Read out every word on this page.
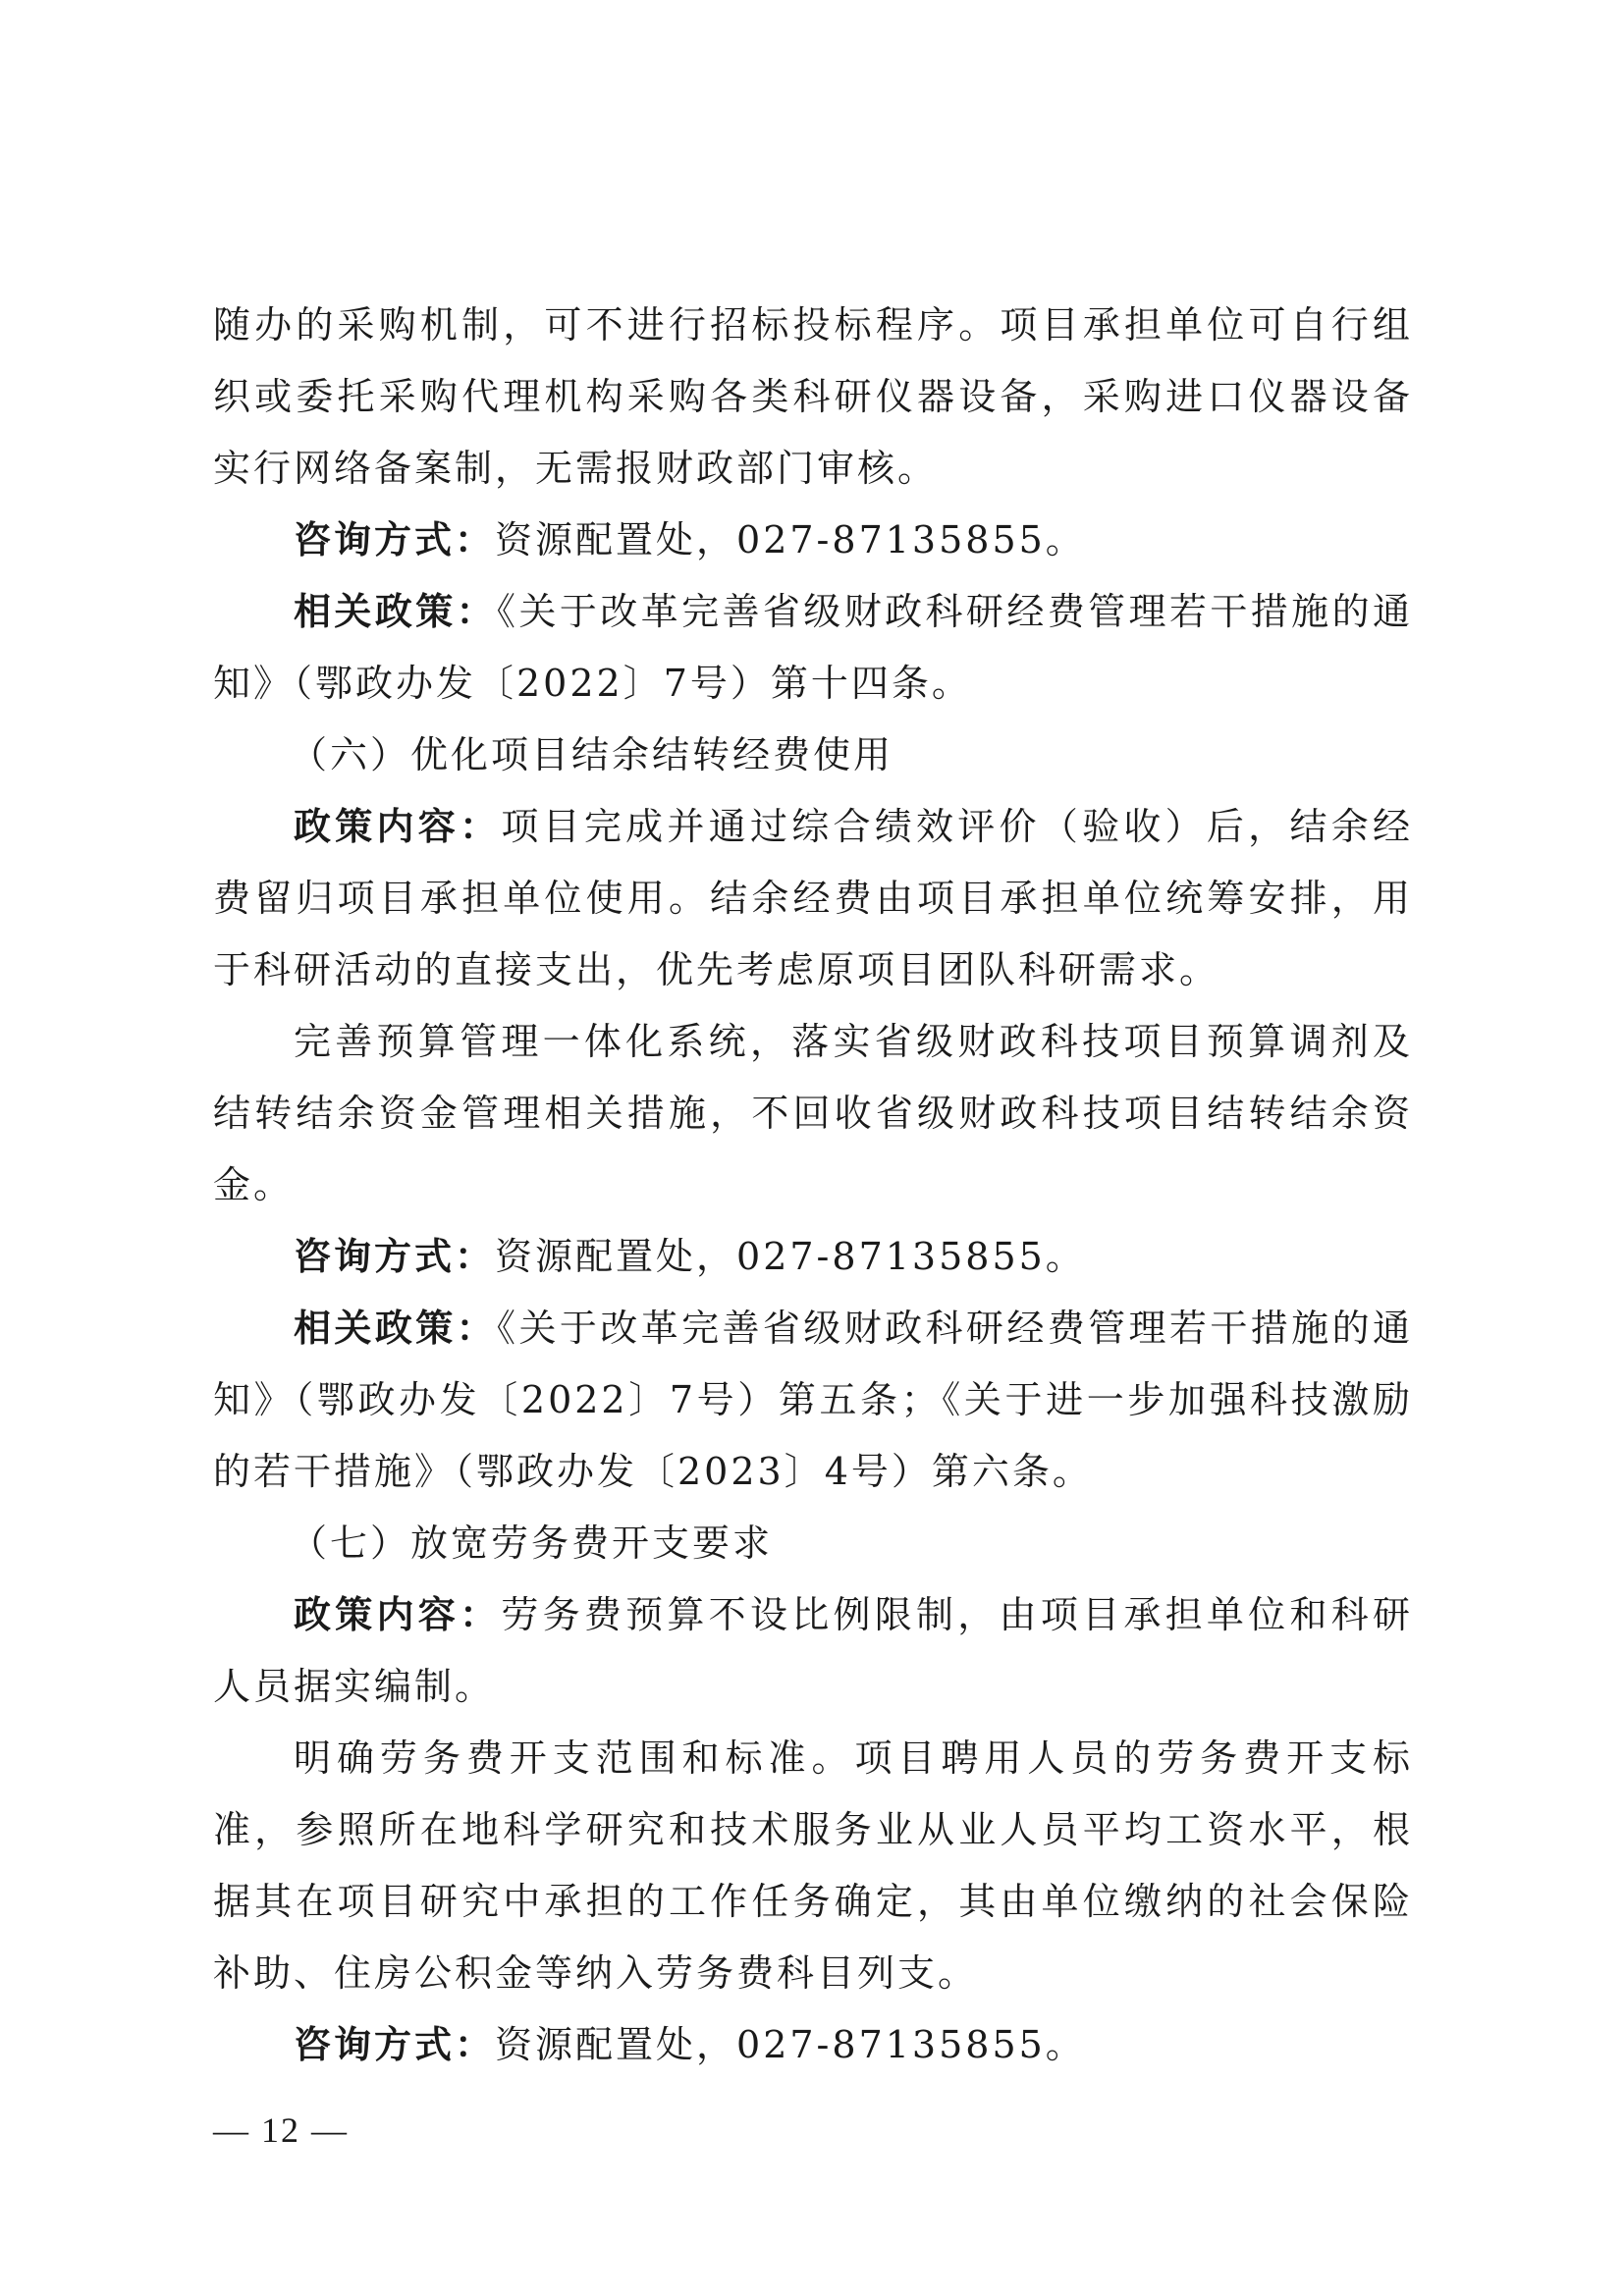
随办的采购机制，可不进行招标投标程序。项目承担单位可自行组织或委托采购代理机构采购各类科研仪器设备，采购进口仪器设备实行网络备案制，无需报财政部门审核。

咨询方式：资源配置处，027-87135855。

相关政策：《关于改革完善省级财政科研经费管理若干措施的通知》（鄂政办发〔2022〕7号）第十四条。

（六）优化项目结余结转经费使用

政策内容：项目完成并通过综合绩效评价（验收）后，结余经费留归项目承担单位使用。结余经费由项目承担单位统筹安排，用于科研活动的直接支出，优先考虑原项目团队科研需求。

完善预算管理一体化系统，落实省级财政科技项目预算调剂及结转结余资金管理相关措施，不回收省级财政科技项目结转结余资金。

咨询方式：资源配置处，027-87135855。

相关政策：《关于改革完善省级财政科研经费管理若干措施的通知》（鄂政办发〔2022〕7号）第五条；《关于进一步加强科技激励的若干措施》（鄂政办发〔2023〕4号）第六条。

（七）放宽劳务费开支要求

政策内容：劳务费预算不设比例限制，由项目承担单位和科研人员据实编制。

明确劳务费开支范围和标准。项目聘用人员的劳务费开支标准，参照所在地科学研究和技术服务业从业人员平均工资水平，根据其在项目研究中承担的工作任务确定，其由单位缴纳的社会保险补助、住房公积金等纳入劳务费科目列支。

咨询方式：资源配置处，027-87135855。

— 12 —
